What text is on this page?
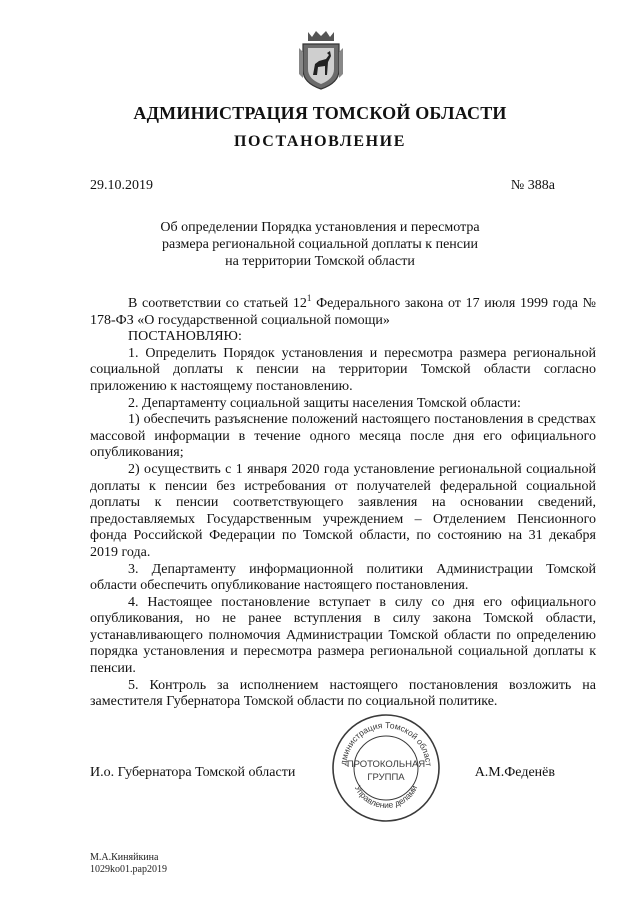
АДМИНИСТРАЦИЯ ТОМСКОЙ ОБЛАСТИ
ПОСТАНОВЛЕНИЕ
29.10.2019	№ 388а
Об определении Порядка установления и пересмотра
размера региональной социальной доплаты к пенсии
на территории Томской области

В соответствии со статьей $12^1$ Федерального закона от 17 июля 1999 года № 178-ФЗ «О государственной социальной помощи»

ПОСТАНОВЛЯЮ:

1. Определить Порядок установления и пересмотра размера региональной социальной доплаты к пенсии на территории Томской области согласно приложению к настоящему постановлению.

2. Департаменту социальной защиты населения Томской области:

1) обеспечить разъяснение положений настоящего постановления в средствах массовой информации в течение одного месяца после дня его официального опубликования;

2) осуществить с 1 января 2020 года установление региональной социальной доплаты к пенсии без истребования от получателей федеральной социальной доплаты к пенсии соответствующего заявления на основании сведений, предоставляемых Государственным учреждением – Отделением Пенсионного фонда Российской Федерации по Томской области, по состоянию на 31 декабря 2019 года.

3. Департаменту информационной политики Администрации Томской области обеспечить опубликование настоящего постановления.

4. Настоящее постановление вступает в силу со дня его официального опубликования, но не ранее вступления в силу закона Томской области, устанавливающего полномочия Администрации Томской области по определению порядка установления и пересмотра размера региональной социальной доплаты к пенсии.

5. Контроль за исполнением настоящего постановления возложить на заместителя Губернатора Томской области по социальной политике.

дминистрация Томской област
Управление делами
ПРОТОКОЛЬНАЯ
ГРУППА
И.о. Губернатора Томской области	А.М.Феденёв
М.А.Киняйкина
1029ko01.pap2019
